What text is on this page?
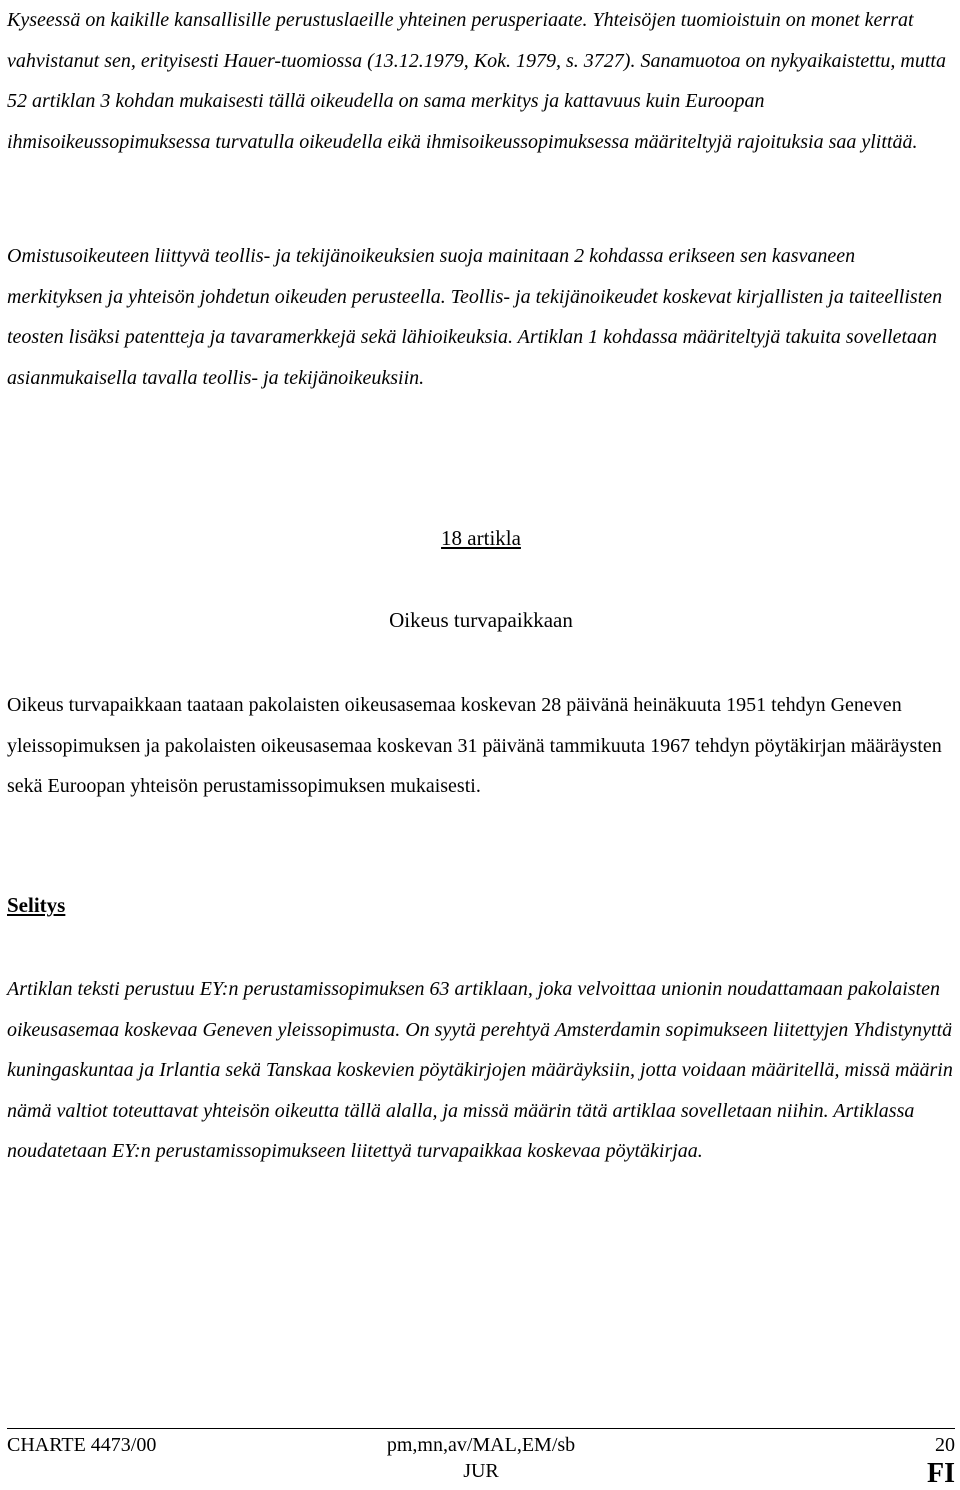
Kyseessä on kaikille kansallisille perustuslaeille yhteinen perusperiaate. Yhteisöjen tuomioistuin on monet kerrat vahvistanut sen, erityisesti Hauer-tuomiossa (13.12.1979, Kok. 1979, s. 3727). Sanamuotoa on nykyaikaistettu, mutta 52 artiklan 3 kohdan mukaisesti tällä oikeudella on sama merkitys ja kattavuus kuin Euroopan ihmisoikeussopimuksessa turvatulla oikeudella eikä ihmisoikeussopimuksessa määriteltyjä rajoituksia saa ylittää.

Omistusoikeuteen liittyvä teollis- ja tekijänoikeuksien suoja mainitaan 2 kohdassa erikseen sen kasvaneen merkityksen ja yhteisön johdetun oikeuden perusteella. Teollis- ja tekijänoikeudet koskevat kirjallisten ja taiteellisten teosten lisäksi patentteja ja tavaramerkkejä sekä lähioikeuksia. Artiklan 1 kohdassa määriteltyjä takuita sovelletaan asianmukaisella tavalla teollis- ja tekijänoikeuksiin.

18 artikla
Oikeus turvapaikkaan

Oikeus turvapaikkaan taataan pakolaisten oikeusasemaa koskevan 28 päivänä heinäkuuta 1951 tehdyn Geneven yleissopimuksen ja pakolaisten oikeusasemaa koskevan 31 päivänä tammikuuta 1967 tehdyn pöytäkirjan määräysten sekä Euroopan yhteisön perustamissopimuksen mukaisesti.

Selitys

Artiklan teksti perustuu EY:n perustamissopimuksen 63 artiklaan, joka velvoittaa unionin noudattamaan pakolaisten oikeusasemaa koskevaa Geneven yleissopimusta. On syytä perehtyä Amsterdamin sopimukseen liitettyjen Yhdistynyttä kuningaskuntaa ja Irlantia sekä Tanskaa koskevien pöytäkirjojen määräyksiin, jotta voidaan määritellä, missä määrin nämä valtiot toteuttavat yhteisön oikeutta tällä alalla, ja missä määrin tätä artiklaa sovelletaan niihin. Artiklassa noudatetaan EY:n perustamissopimukseen liitettyä turvapaikkaa koskevaa pöytäkirjaa.

CHARTE 4473/00	pm,mn,av/MAL,EM/sb
JUR
20
FI
